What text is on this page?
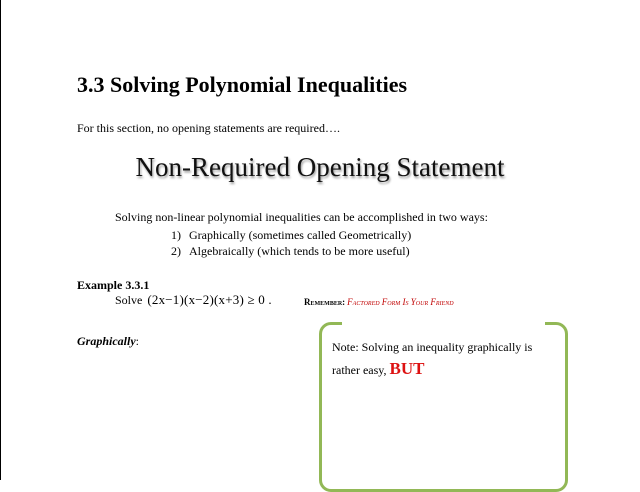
3.3 Solving Polynomial Inequalities
For this section, no opening statements are required….
Non-Required Opening Statement
Solving non-linear polynomial inequalities can be accomplished in two ways:
1) Graphically (sometimes called Geometrically)
2) Algebraically (which tends to be more useful)
Example 3.3.1
Solve (2x−1)(x−2)(x+3) ≥ 0 .	Remember: Factored Form Is Your Friend
Graphically:	Note: Solving an inequality graphically is rather easy, BUT
